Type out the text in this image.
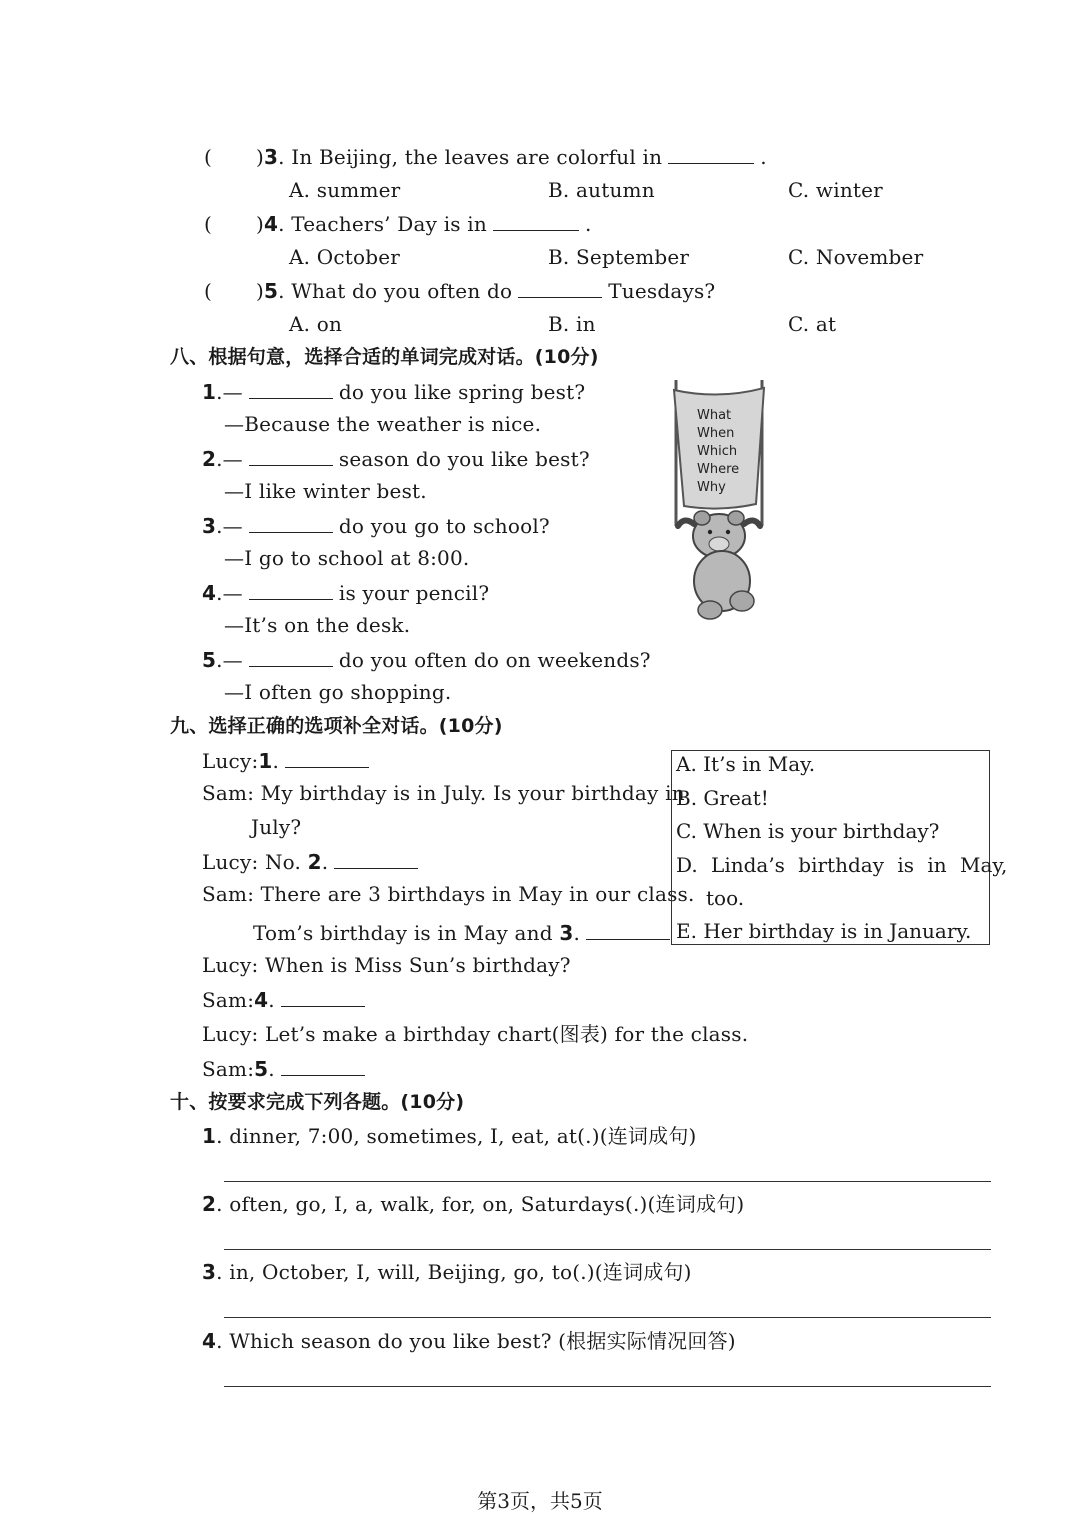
( )3. In Beijing, the leaves are colorful in	.
A. summer	B. autumn	C. winter
( )4. Teachers’ Day is in	.
A. October	B. September	C. November
( )5. What do you often do	Tuesdays?
A. on	B. in	C. at
八、根据句意，选择合适的单词完成对话。(10分)
1.—	do you like spring best?
—Because the weather is nice.
2.—	season do you like best?
—I like winter best.
3.—	do you go to school?
—I go to school at 8:00.
4.—	is your pencil?
—It’s on the desk.
5.—	do you often do on weekends?
—I often go shopping.
What
When
Which
Where
Why
九、选择正确的选项补全对话。(10分)
Lucy:1.
Sam: My birthday is in July. Is your birthday in
July?
Lucy: No. 2.
Sam: There are 3 birthdays in May in our class.
Tom’s birthday is in May and 3.
Lucy: When is Miss Sun’s birthday?
Sam:4.
Lucy: Let’s make a birthday chart(图表) for the class.
Sam:5.
A. It’s in May.
B. Great!
C. When is your birthday?
D. Linda’s birthday is in May,
too.
E. Her birthday is in January.
十、按要求完成下列各题。(10分)
1. dinner, 7:00, sometimes, I, eat, at(.)(连词成句)
2. often, go, I, a, walk, for, on, Saturdays(.)(连词成句)
3. in, October, I, will, Beijing, go, to(.)(连词成句)
4. Which season do you like best? (根据实际情况回答)
第3页，共5页
